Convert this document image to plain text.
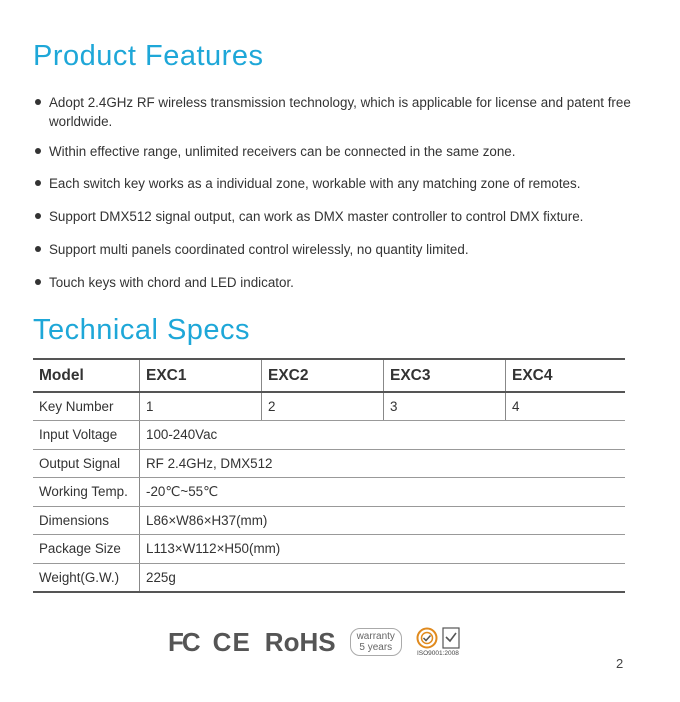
Product Features
Adopt 2.4GHz RF wireless transmission technology, which is applicable for license and patent free worldwide.
Within effective range, unlimited receivers can be connected in the same zone.
Each switch key works as a individual zone, workable with any matching zone of remotes.
Support DMX512 signal output, can work as DMX master controller to control DMX fixture.
Support multi panels coordinated control wirelessly, no quantity limited.
Touch keys with chord and LED indicator.
Technical Specs
Model	EXC1	EXC2	EXC3	EXC4
Key Number	1	2	3	4
Input Voltage	100-240Vac			
Output Signal	RF 2.4GHz, DMX512			
Working Temp.	-20℃~55℃			
Dimensions	L86×W86×H37(mm)			
Package Size	L113×W112×H50(mm)			
Weight(G.W.)	225g			
FC CE RoHS warranty
5 years
ISO9001:2008
2
